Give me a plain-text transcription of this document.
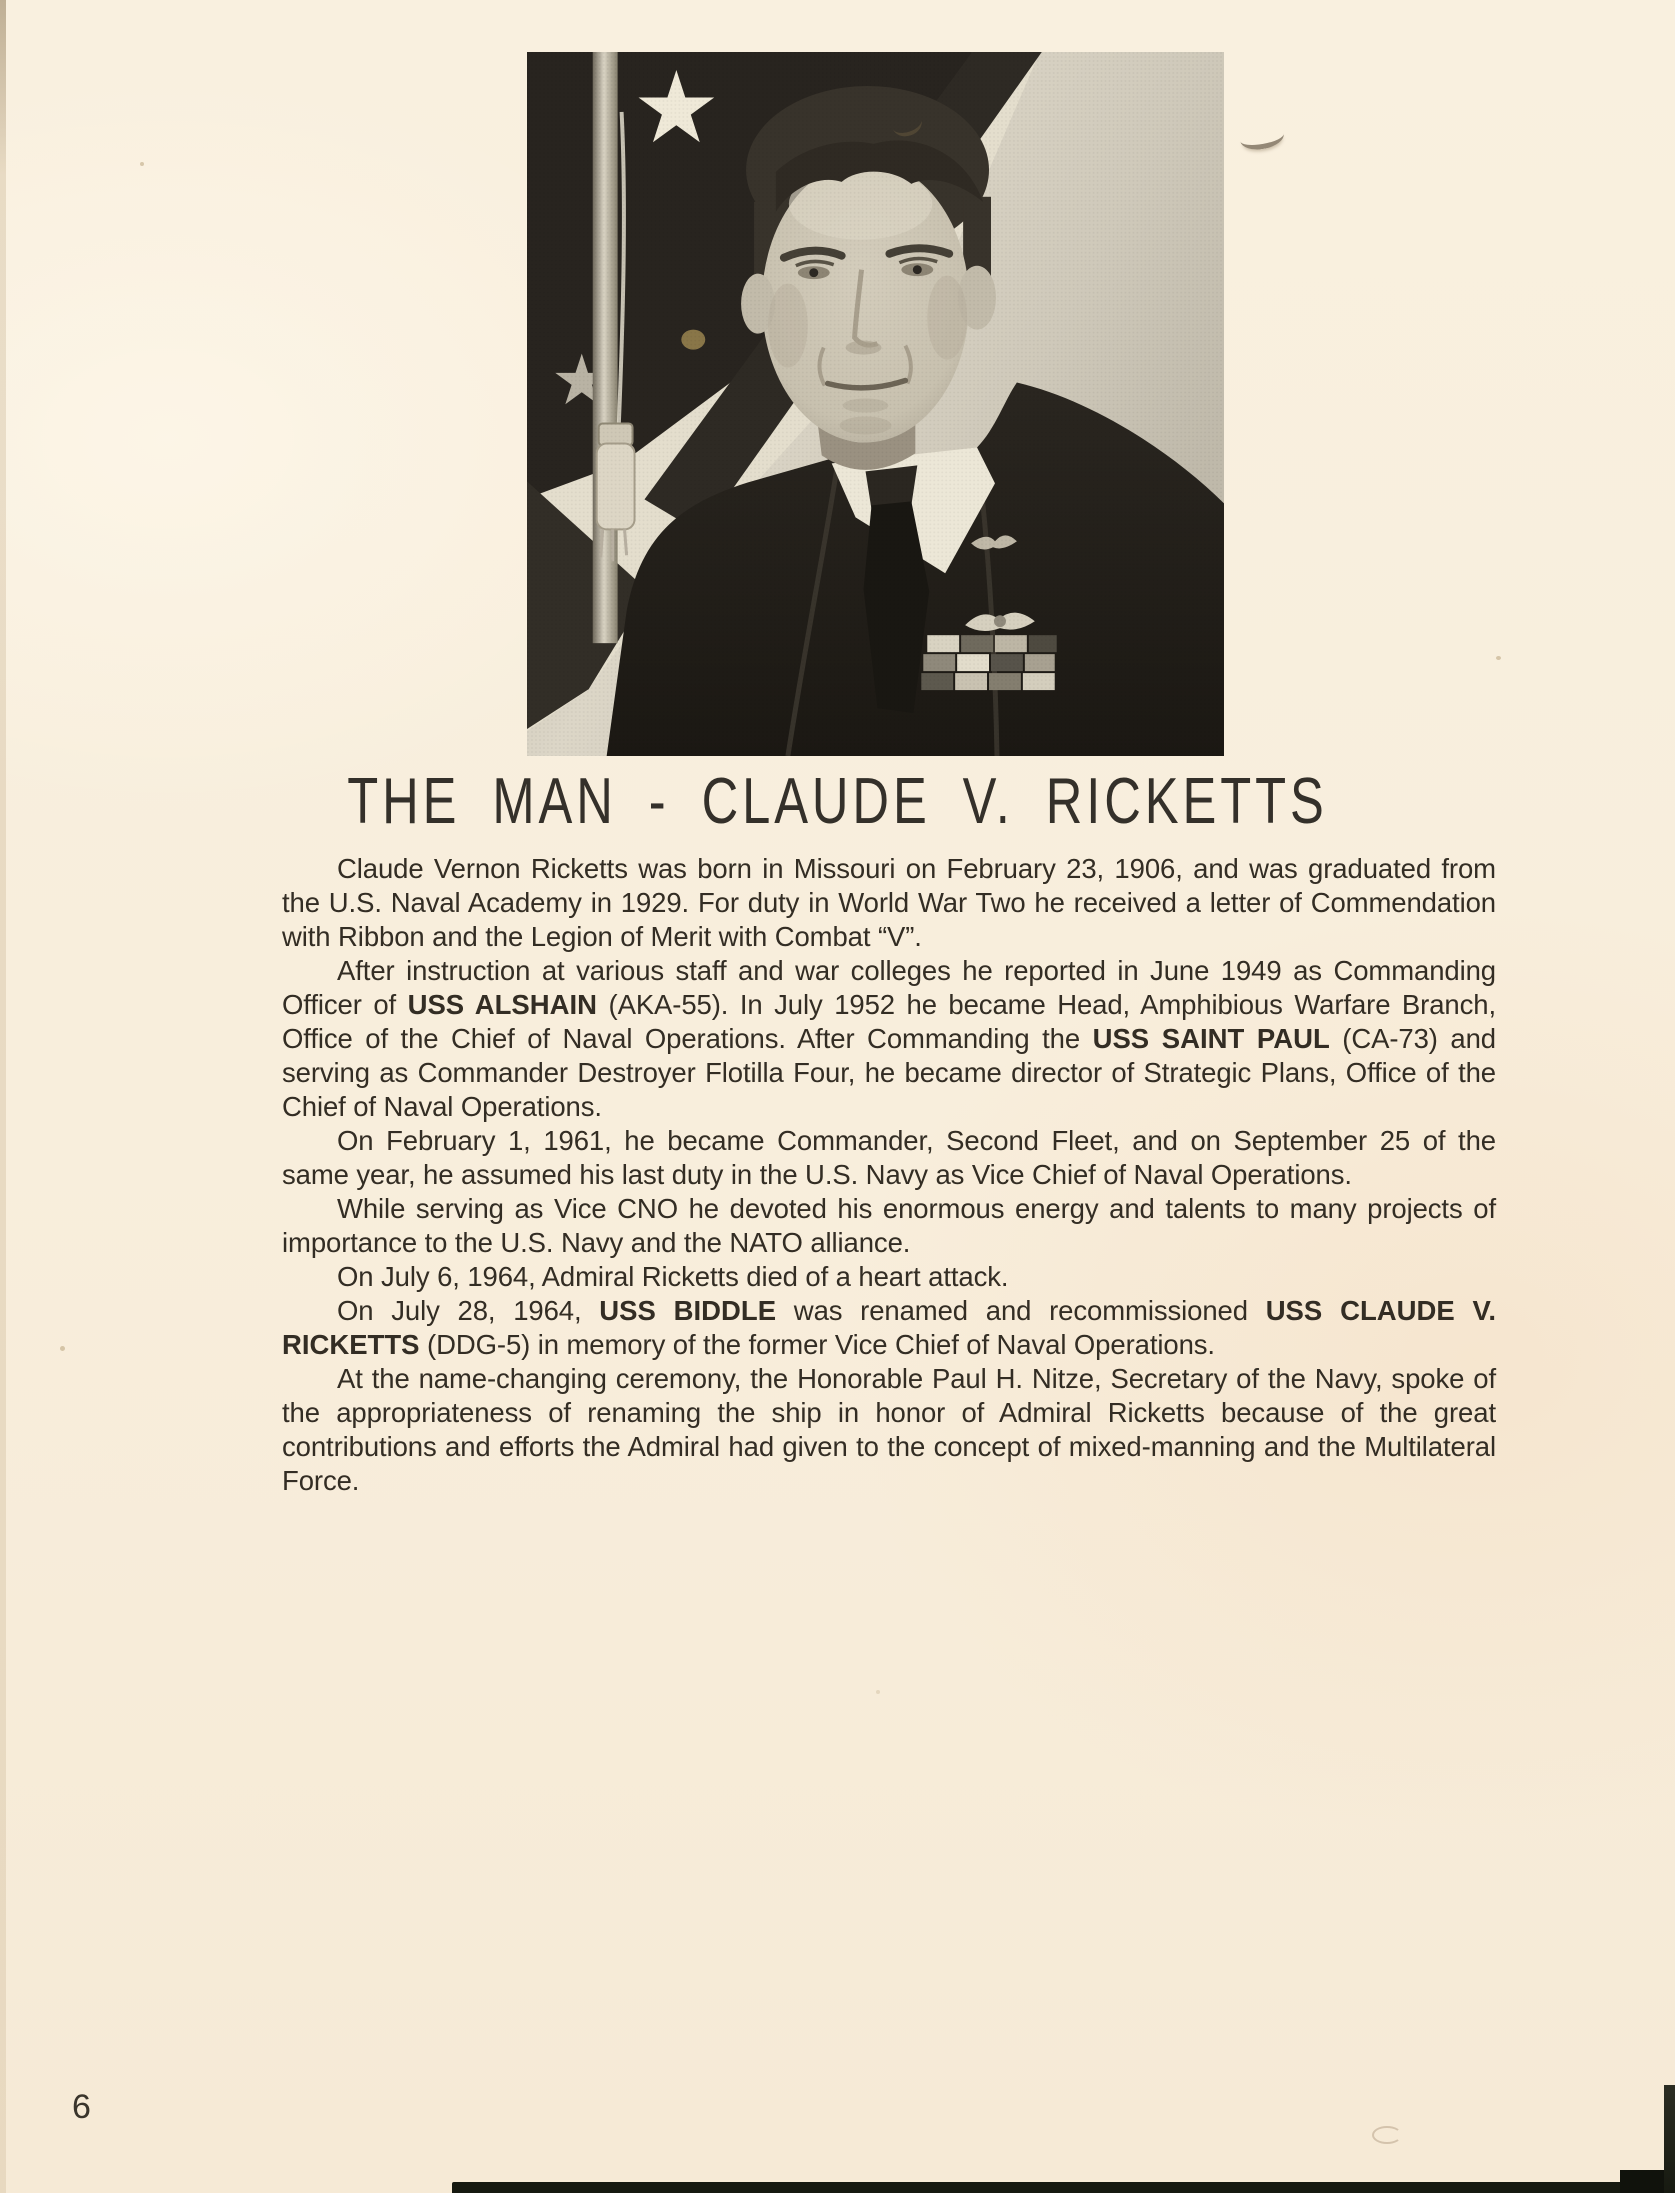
THE MAN - CLAUDE V. RICKETTS

Claude Vernon Ricketts was born in Missouri on February 23, 1906, and was graduated from the U.S. Naval Academy in 1929. For duty in World War Two he received a letter of Commendation with Ribbon and the Legion of Merit with Combat “V”.

After instruction at various staff and war colleges he reported in June 1949 as Commanding Officer of USS ALSHAIN (AKA-55). In July 1952 he became Head, Amphibious Warfare Branch, Office of the Chief of Naval Operations. After Commanding the USS SAINT PAUL (CA-73) and serving as Commander Destroyer Flotilla Four, he became director of Strategic Plans, Office of the Chief of Naval Operations.

On February 1, 1961, he became Commander, Second Fleet, and on September 25 of the same year, he assumed his last duty in the U.S. Navy as Vice Chief of Naval Operations.

While serving as Vice CNO he devoted his enormous energy and talents to many projects of importance to the U.S. Navy and the NATO alliance.

On July 6, 1964, Admiral Ricketts died of a heart attack.

On July 28, 1964, USS BIDDLE was renamed and recommissioned USS CLAUDE V. RICKETTS (DDG-5) in memory of the former Vice Chief of Naval Operations.

At the name-changing ceremony, the Honorable Paul H. Nitze, Secretary of the Navy, spoke of the appropriateness of renaming the ship in honor of Admiral Ricketts because of the great contributions and efforts the Admiral had given to the concept of mixed-manning and the Multilateral Force.

6
